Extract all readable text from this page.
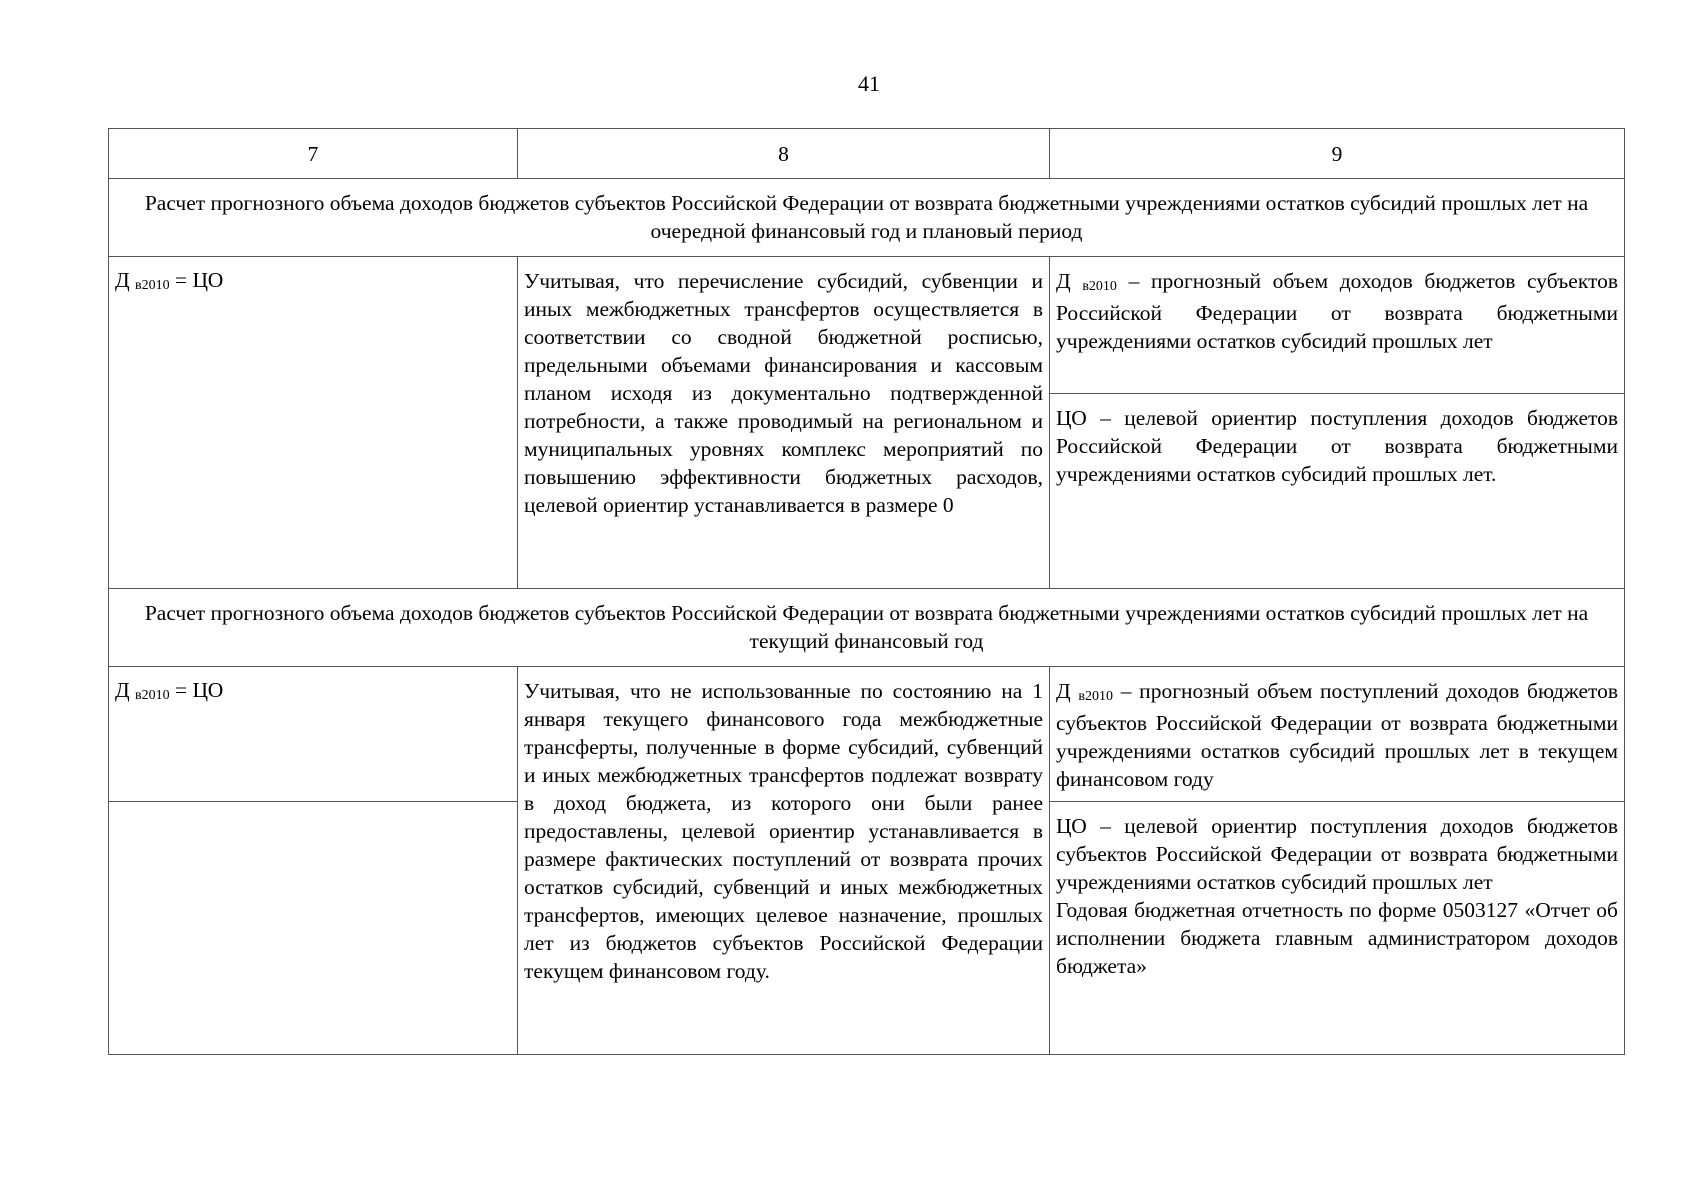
41
7	8	9
Расчет прогнозного объема доходов бюджетов субъектов Российской Федерации от возврата бюджетными учреждениями остатков субсидий прошлых лет на очередной финансовый год и плановый период		
Д $_{в2010}$ = ЦО	Учитывая, что перечисление субсидий, субвенции и иных межбюджетных трансфертов осуществляется в соответствии со сводной бюджетной росписью, предельными объемами финансирования и кассовым планом исходя из документально подтвержденной потребности, а также проводимый на региональном и муниципальных уровнях комплекс мероприятий по повышению эффективности бюджетных расходов, целевой ориентир устанавливается в размере 0	Д $_{в2010}$ – прогнозный объем доходов бюджетов субъектов Российской Федерации от возврата бюджетными учреждениями остатков субсидий прошлых лет
		ЦО – целевой ориентир поступления доходов бюджетов Российской Федерации от возврата бюджетными учреждениями остатков субсидий прошлых лет.
Расчет прогнозного объема доходов бюджетов субъектов Российской Федерации от возврата бюджетными учреждениями остатков субсидий прошлых лет на текущий финансовый год		
Д $_{в2010}$ = ЦО	Учитывая, что не использованные по состоянию на 1 января текущего финансового года межбюджетные трансферты, полученные в форме субсидий, субвенций и иных межбюджетных трансфертов подлежат возврату в доход бюджета, из которого они были ранее предоставлены, целевой ориентир устанавливается в размере фактических поступлений от возврата прочих остатков субсидий, субвенций и иных межбюджетных трансфертов, имеющих целевое назначение, прошлых лет из бюджетов субъектов Российской Федерации текущем финансовом году.	Д $_{в2010}$ – прогнозный объем поступлений доходов бюджетов субъектов Российской Федерации от возврата бюджетными учреждениями остатков субсидий прошлых лет в текущем финансовом году

		ЦО – целевой ориентир поступления доходов бюджетов субъектов Российской Федерации от возврата бюджетными учреждениями остатков субсидий прошлых лет
Годовая бюджетная отчетность по форме 0503127 «Отчет об исполнении бюджета главным администратором доходов бюджета»
